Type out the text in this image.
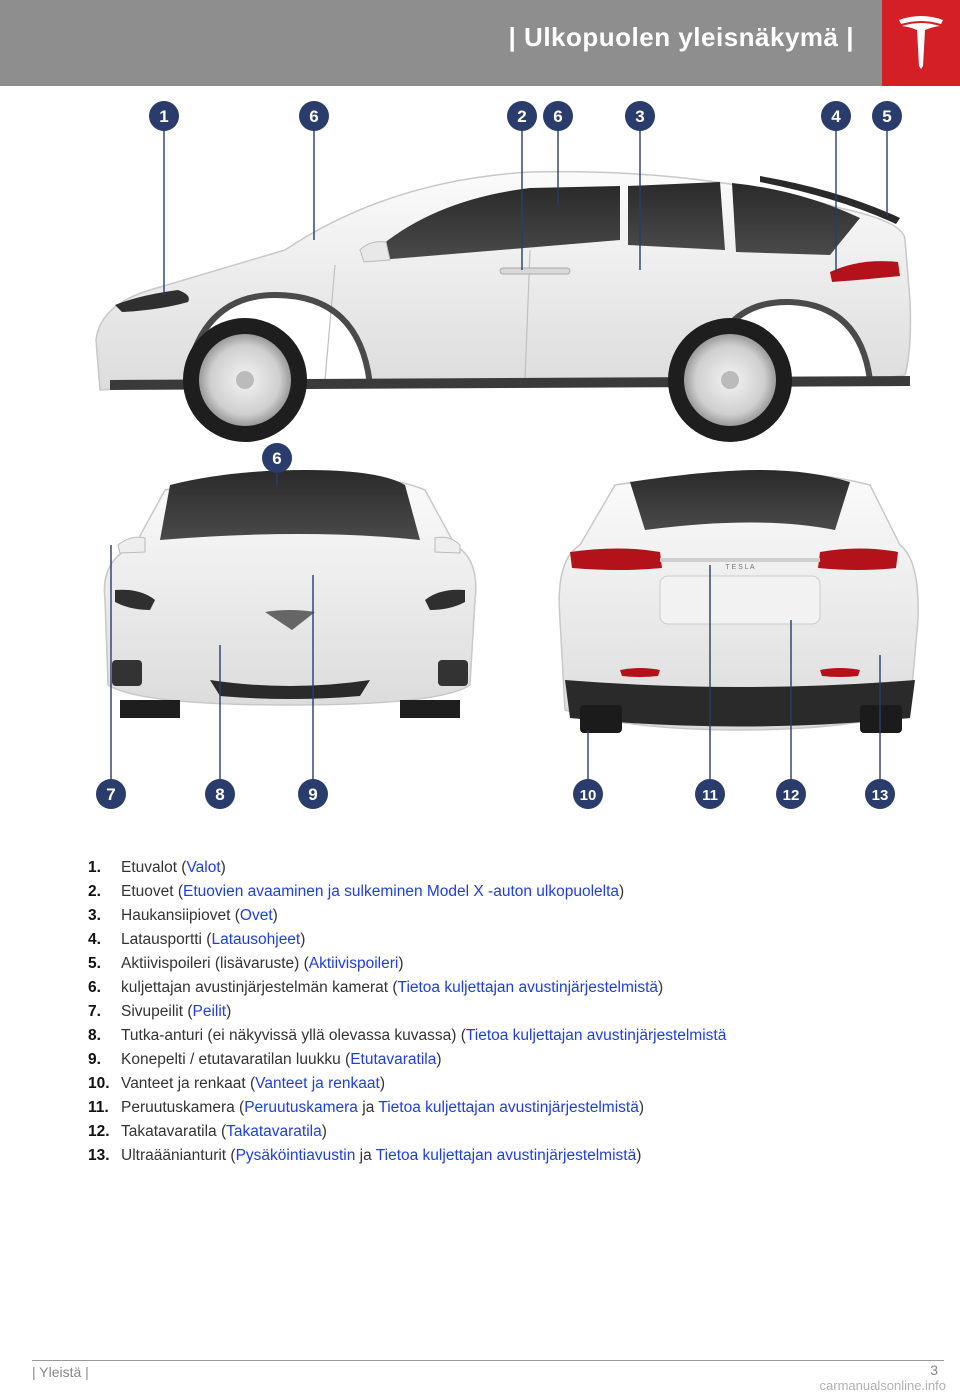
| Ulkopuolen yleisnäkymä |
T E S L A
1	6	2 6	3	4 5
6
7	8	9	10	11	12	13
1. Etuvalot (Valot)
2. Etuovet (Etuovien avaaminen ja sulkeminen Model X -auton ulkopuolelta)
3. Haukansiipiovet (Ovet)
4. Latausportti (Latausohjeet)
5. Aktiivispoileri (lisävaruste) (Aktiivispoileri)
6. kuljettajan avustinjärjestelmän kamerat (Tietoa kuljettajan avustinjärjestelmistä)
7. Sivupeilit (Peilit)
8. Tutka-anturi (ei näkyvissä yllä olevassa kuvassa) (Tietoa kuljettajan avustinjärjestelmistä
9. Konepelti / etutavaratilan luukku (Etutavaratila)
10. Vanteet ja renkaat (Vanteet ja renkaat)
11. Peruutuskamera (Peruutuskamera ja Tietoa kuljettajan avustinjärjestelmistä)
12. Takatavaratila (Takatavaratila)
13. Ultraäänianturit (Pysäköintiavustin ja Tietoa kuljettajan avustinjärjestelmistä)
| Yleistä |	3
carmanualsonline.info
